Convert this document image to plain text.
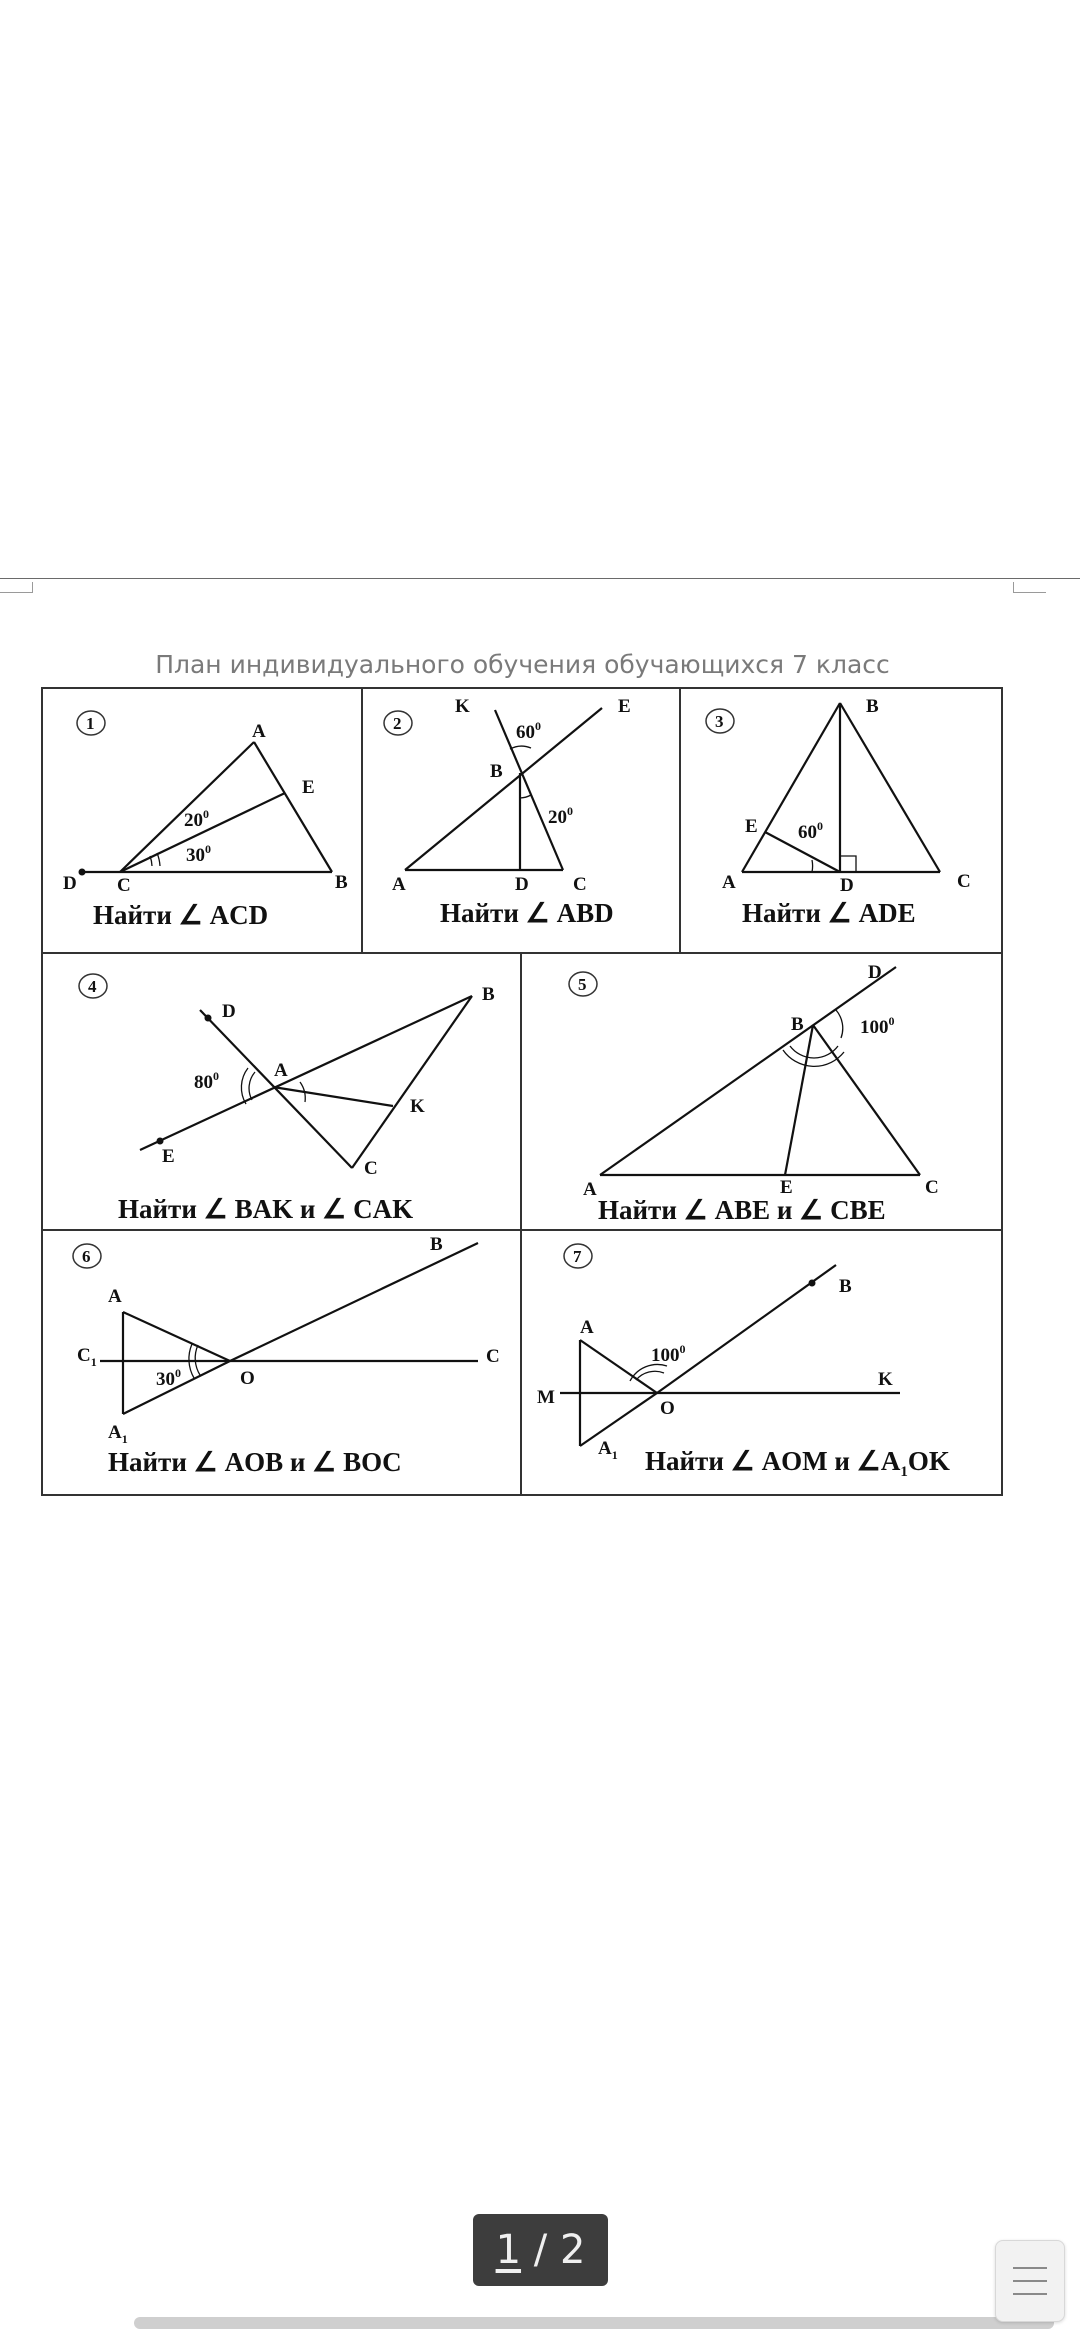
План индивидуального обучения обучающихся 7 класс
1	A
E
D C	B
$20^0$
$30^0$
Найти ∠ ACD
2
K	E
B
A	D C
$60^0$
$20^0$
Найти ∠ ABD
3
B
E
A	D	C
$60^0$
Найти ∠ ADE
4
D
B
A
K
E
C
$80^0$
Найти ∠ BAK и ∠ CAK
5
D
B
A	E	C
$100^0$
Найти ∠ ABE и ∠ CBE
6
A
$C_1$
$A_1$
O
B
C
$30^0$
Найти ∠ AOB и ∠ BOC
7
A
M
$A_1$
O
B
K
$100^0$
Найти ∠ AOM и $\angle A_1OK$
1
/
2
